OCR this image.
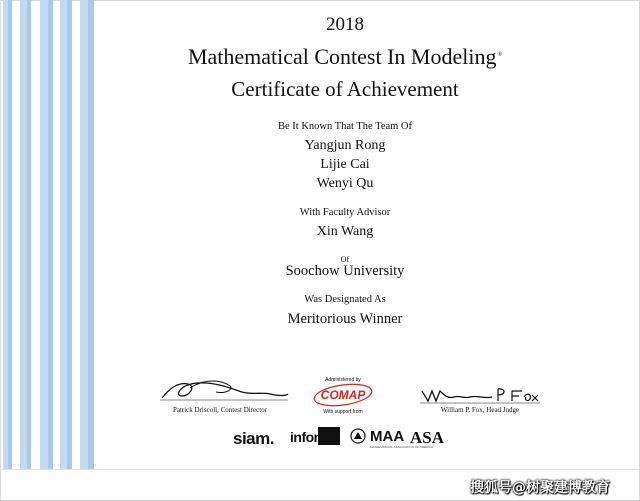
2018
Mathematical Contest In Modeling®
Certificate of Achievement
Be It Known That The Team Of
Yangjun Rong
Lijie Cai
Wenyi Qu
With Faculty Advisor
Xin Wang
Of
Soochow University
Was Designated As
Meritorious Winner
Patrick Driscoll, Contest Director
Administered by
COMAP
With support from	William P. Fox, Head Judge
siam. informs MAA
MATHEMATICAL ASSOCIATION OF AMERICA
ASA
搜狐号@树聚建博教育
